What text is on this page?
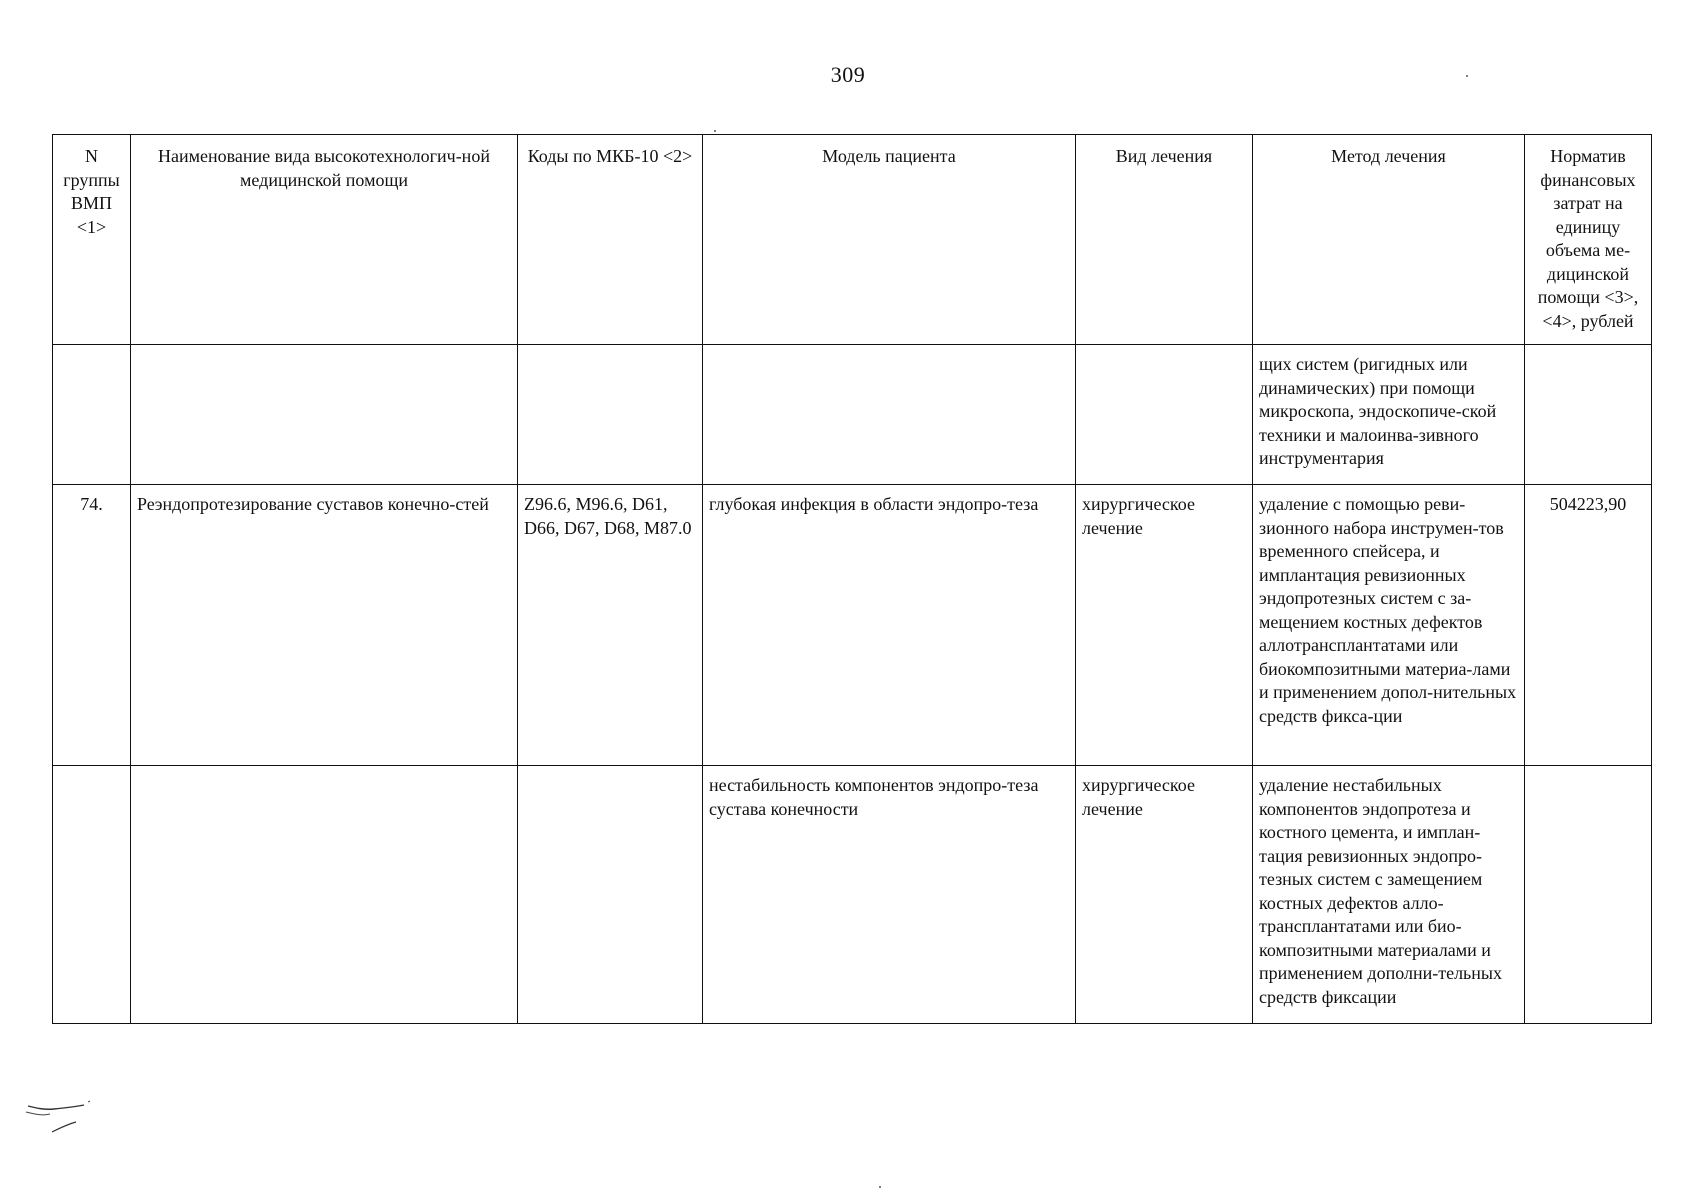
309
N группы ВМП <1>	Наименование вида высокотехнологич-ной медицинской помощи	Коды по МКБ-10 <2>	Модель пациента	Вид лечения	Метод лечения	Норматив финансовых затрат на единицу объема ме-дицинской помощи <3>, <4>, рублей
					щих систем (ригидных или динамических) при помощи микроскопа, эндоскопиче-ской техники и малоинва-зивного инструментария	
74.	Реэндопротезирование суставов конечно-стей	Z96.6, M96.6, D61, D66, D67, D68, M87.0	глубокая инфекция в области эндопро-теза	хирургическое лечение	удаление с помощью реви-зионного набора инструмен-тов временного спейсера, и имплантация ревизионных эндопротезных систем с за-мещением костных дефектов аллотрансплантатами или биокомпозитными материа-лами и применением допол-нительных средств фикса-ции	504223,90
			нестабильность компонентов эндопро-теза сустава конечности	хирургическое лечение	удаление нестабильных компонентов эндопротеза и костного цемента, и имплан-тация ревизионных эндопро-тезных систем с замещением костных дефектов алло-трансплантатами или био-композитными материалами и применением дополни-тельных средств фиксации	
